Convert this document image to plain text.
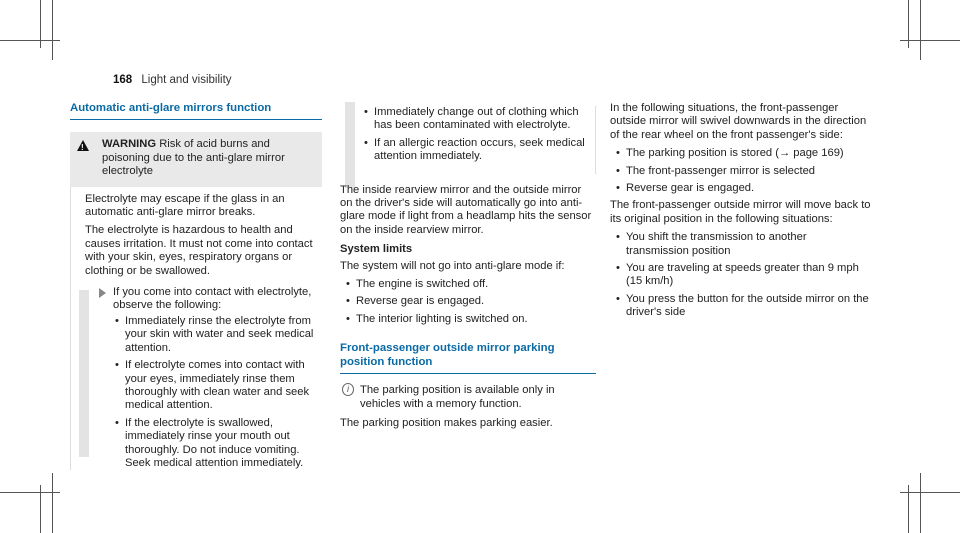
168 Light and visibility
Automatic anti-glare mirrors function
!
WARNING Risk of acid burns and poisoning due to the anti-glare mirror electrolyte

Electrolyte may escape if the glass in an automatic anti-glare mirror breaks.

The electrolyte is hazardous to health and causes irritation. It must not come into contact with your skin, eyes, respiratory organs or clothing or be swallowed.

If you come into contact with electrolyte, observe the following:
• Immediately rinse the electrolyte from your skin with water and seek medical attention.
• If electrolyte comes into contact with your eyes, immediately rinse them thoroughly with clean water and seek medical attention.
• If the electrolyte is swallowed, immediately rinse your mouth out thoroughly. Do not induce vomiting. Seek medical attention immediately.
• Immediately change out of clothing which has been contaminated with electrolyte.
• If an allergic reaction occurs, seek medical attention immediately.

The inside rearview mirror and the outside mirror on the driver's side will automatically go into anti-glare mode if light from a headlamp hits the sensor on the inside rearview mirror.

System limits

The system will not go into anti-glare mode if:

• The engine is switched off.
• Reverse gear is engaged.
• The interior lighting is switched on.
Front-passenger outside mirror parking position function
i The parking position is available only in vehicles with a memory function.

The parking position makes parking easier.

In the following situations, the front-passenger outside mirror will swivel downwards in the direction of the rear wheel on the front passenger's side:

• The parking position is stored (→ page 169)
• The front-passenger mirror is selected
• Reverse gear is engaged.

The front-passenger outside mirror will move back to its original position in the following situations:

• You shift the transmission to another transmission position
• You are traveling at speeds greater than 9 mph (15 km/h)
• You press the button for the outside mirror on the driver's side
